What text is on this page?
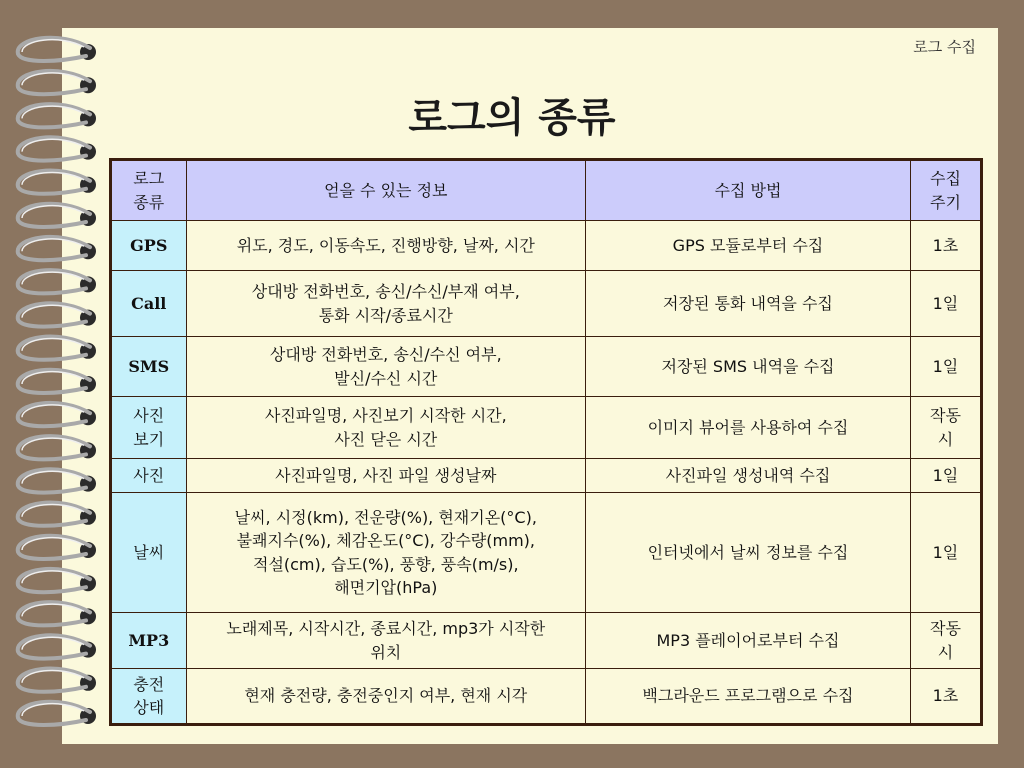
로그 수집
로그의 종류
로그
종류	얻을 수 있는 정보	수집 방법	수집
주기

GPS	위도, 경도, 이동속도, 진행방향, 날짜, 시간	GPS 모듈로부터 수집	1초

Call	상대방 전화번호, 송신/수신/부재 여부,
통화 시작/종료시간	저장된 통화 내역을 수집	1일

SMS	상대방 전화번호, 송신/수신 여부,
발신/수신 시간	저장된 SMS 내역을 수집	1일

사진
보기	사진파일명, 사진보기 시작한 시간,
사진 닫은 시간	이미지 뷰어를 사용하여 수집	작동
시

사진	사진파일명, 사진 파일 생성날짜	사진파일 생성내역 수집	1일

날씨	날씨, 시정(km), 전운량(%), 현재기온(°C),
불쾌지수(%), 체감온도(°C), 강수량(mm),
적설(cm), 습도(%), 풍향, 풍속(m/s),
해면기압(hPa)	인터넷에서 날씨 정보를 수집	1일

MP3	노래제목, 시작시간, 종료시간, mp3가 시작한
위치	MP3 플레이어로부터 수집	작동
시

충전
상태	현재 충전량, 충전중인지 여부, 현재 시각	백그라운드 프로그램으로 수집	1초
